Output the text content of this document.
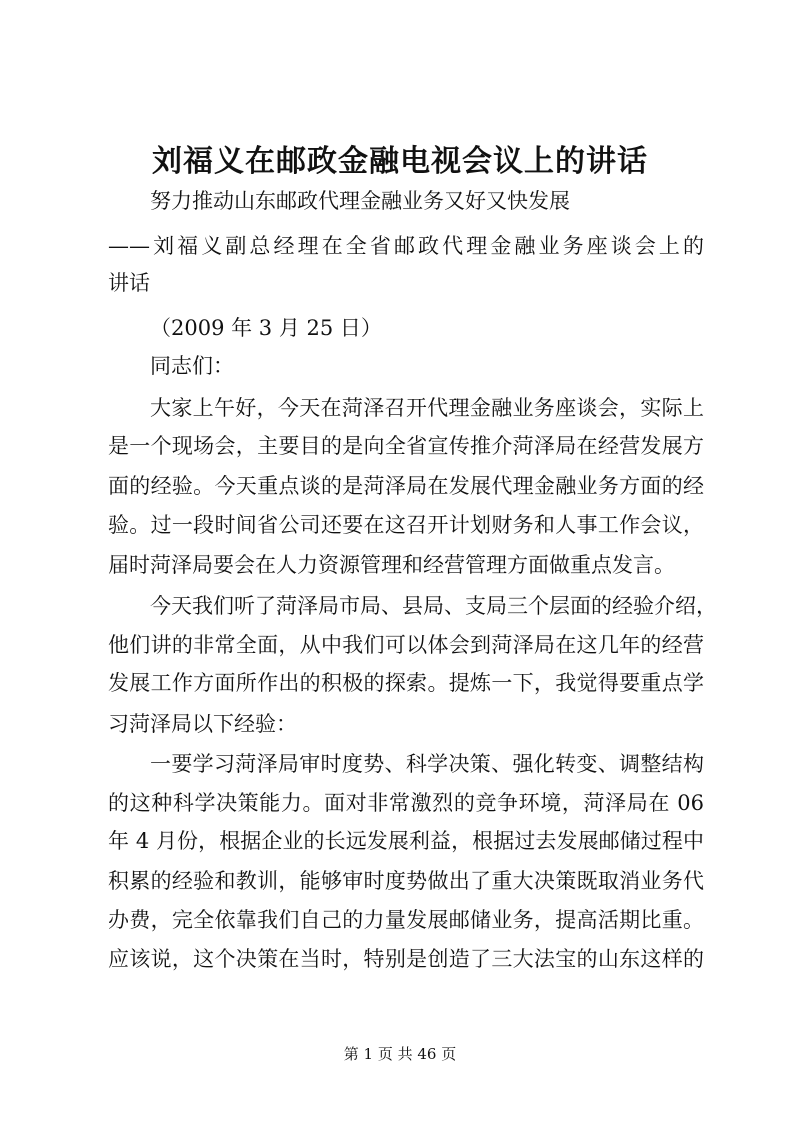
刘福义在邮政金融电视会议上的讲话
努力推动山东邮政代理金融业务又好又快发展
——刘福义副总经理在全省邮政代理金融业务座谈会上的
讲话
（2009 年 3 月 25 日）
同志们：
大家上午好，今天在菏泽召开代理金融业务座谈会，实际上
是一个现场会，主要目的是向全省宣传推介菏泽局在经营发展方
面的经验。今天重点谈的是菏泽局在发展代理金融业务方面的经
验。过一段时间省公司还要在这召开计划财务和人事工作会议，
届时菏泽局要会在人力资源管理和经营管理方面做重点发言。
今天我们听了菏泽局市局、县局、支局三个层面的经验介绍，
他们讲的非常全面，从中我们可以体会到菏泽局在这几年的经营
发展工作方面所作出的积极的探索。提炼一下，我觉得要重点学
习菏泽局以下经验：
一要学习菏泽局审时度势、科学决策、强化转变、调整结构
的这种科学决策能力。面对非常激烈的竞争环境，菏泽局在 06
年 4 月份，根据企业的长远发展利益，根据过去发展邮储过程中
积累的经验和教训，能够审时度势做出了重大决策既取消业务代
办费，完全依靠我们自己的力量发展邮储业务，提高活期比重。
应该说，这个决策在当时，特别是创造了三大法宝的山东这样的
第 1 页 共 46 页
